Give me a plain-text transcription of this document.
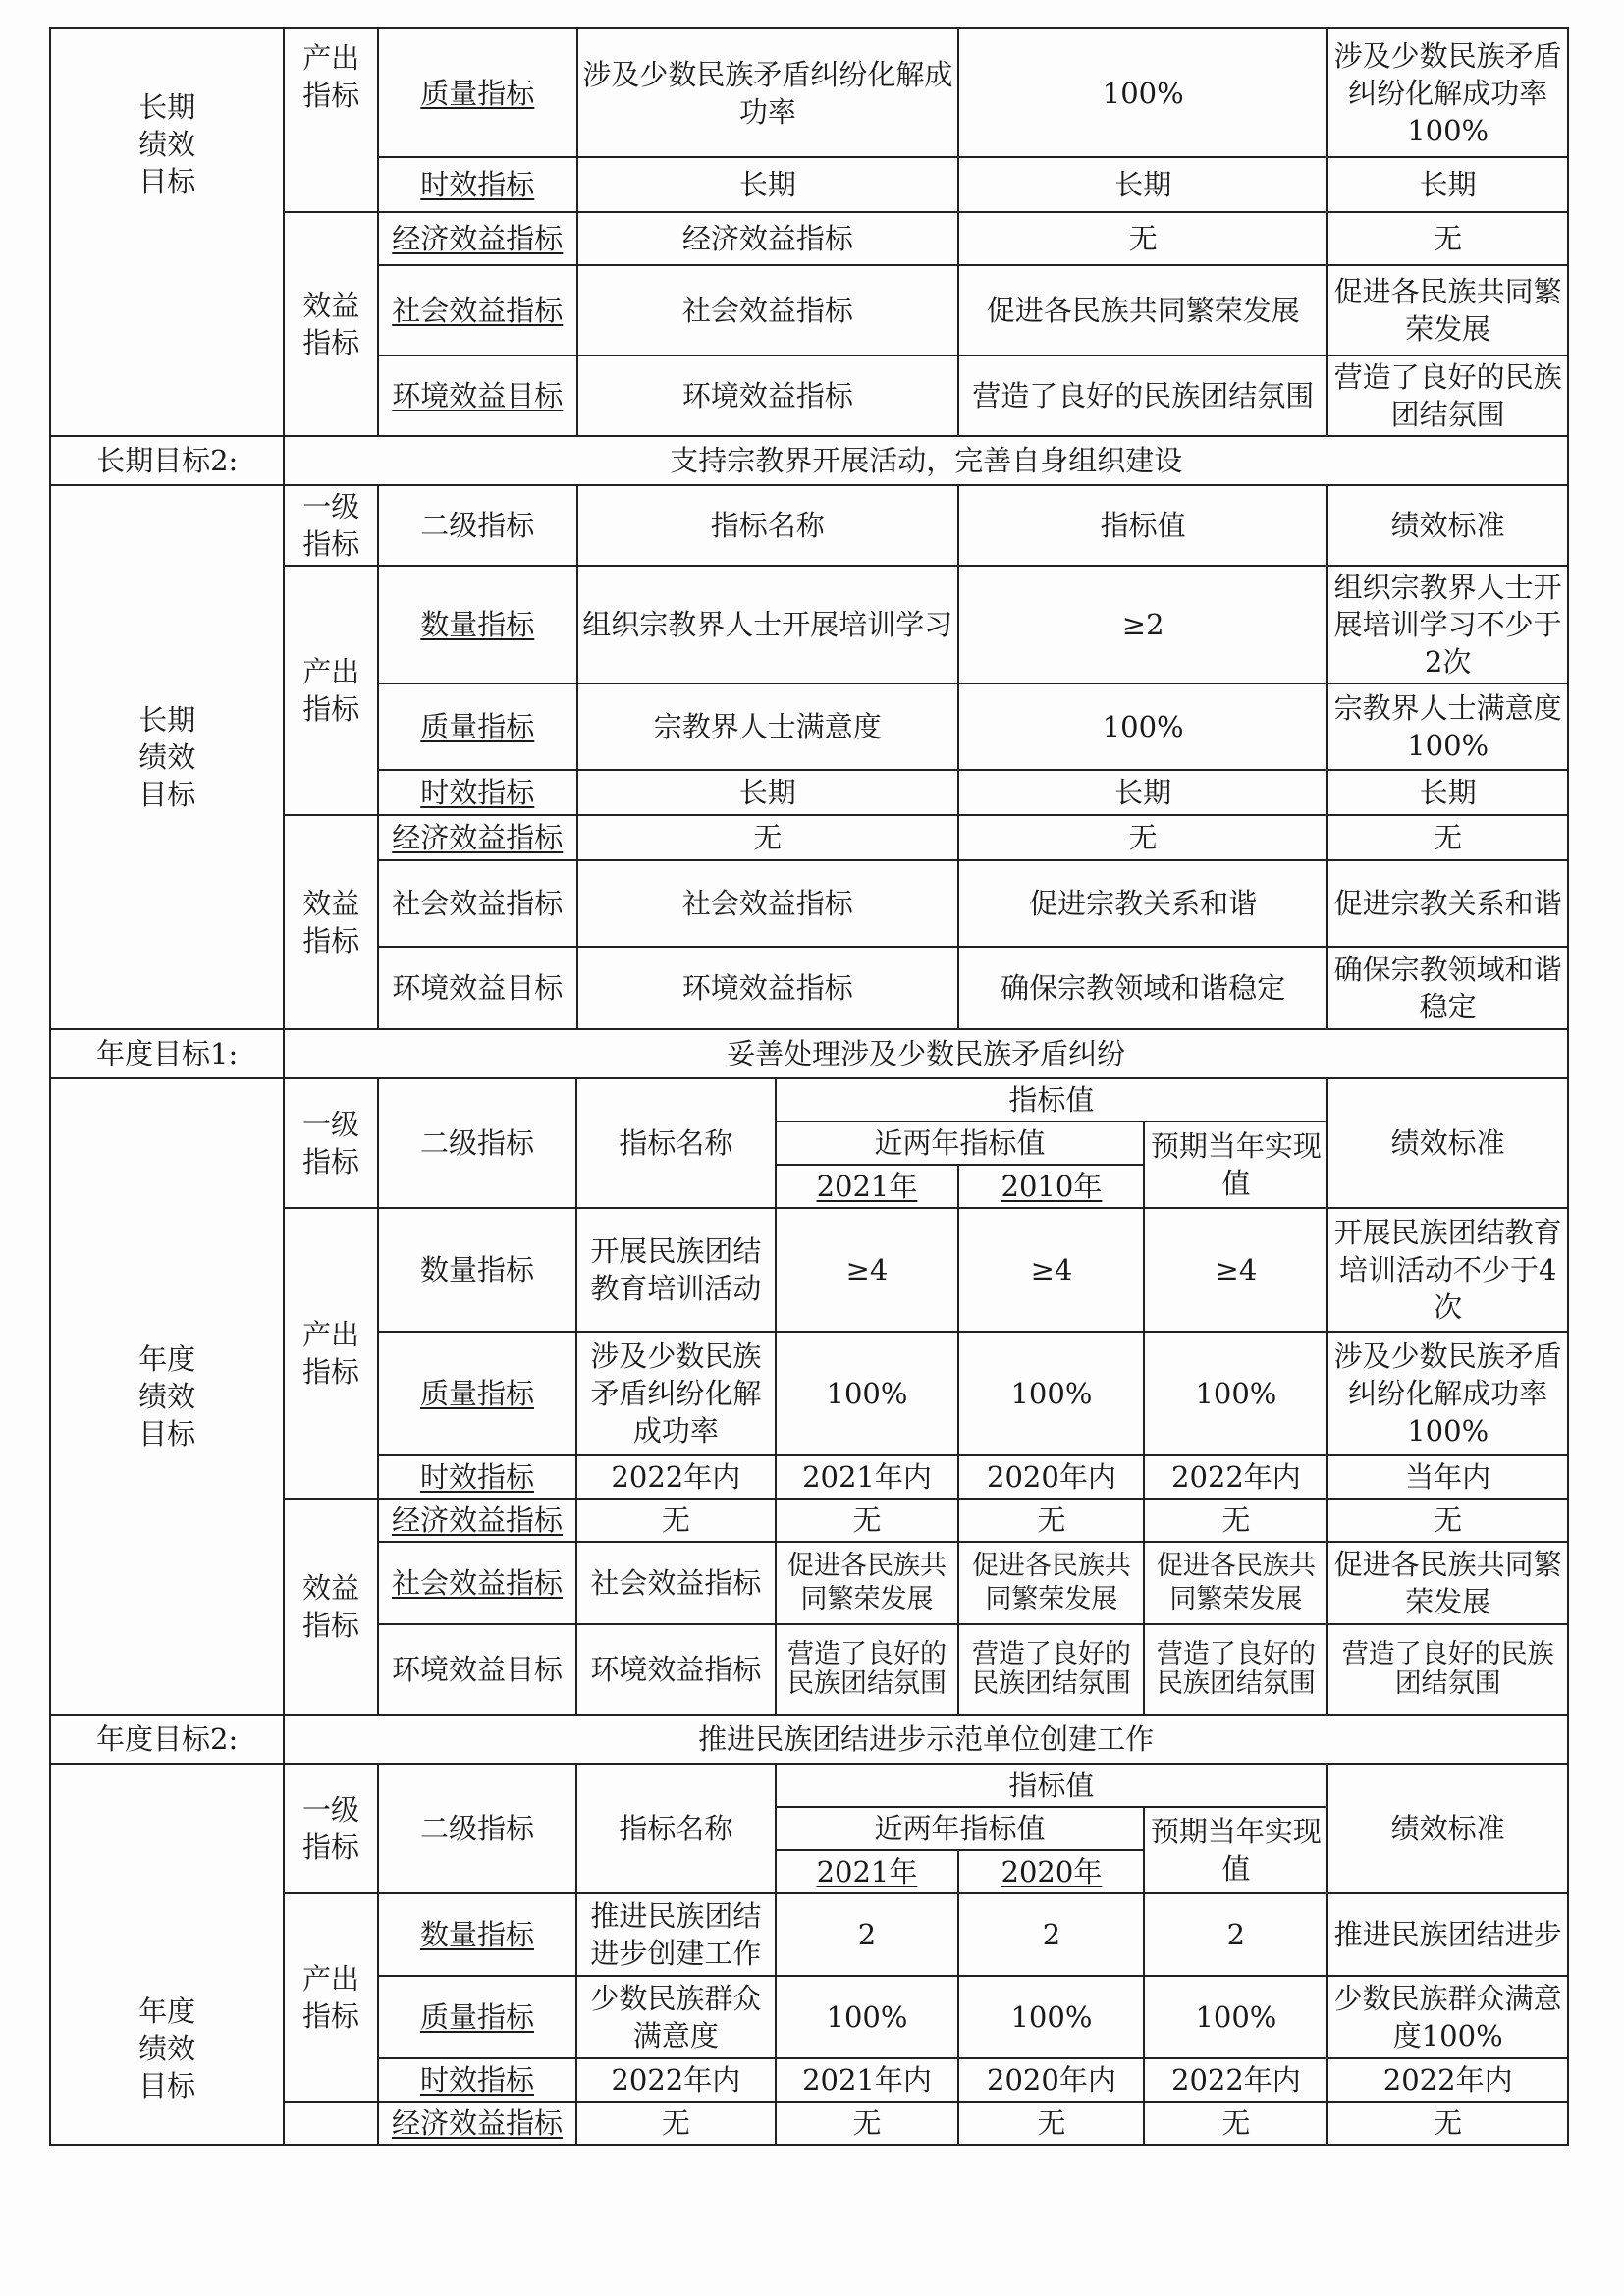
长期
绩效
目标	产出指标	质量指标	涉及少数民族矛盾纠纷化解成功率	100%	涉及少数民族矛盾纠纷化解成功率100%
		时效指标	长期	长期	长期
	效益指标	经济效益指标	经济效益指标	无	无
		社会效益指标	社会效益指标	促进各民族共同繁荣发展	促进各民族共同繁荣发展
		环境效益目标	环境效益指标	营造了良好的民族团结氛围	营造了良好的民族团结氛围
长期目标2:	支持宗教界开展活动，完善自身组织建设				
长期
绩效
目标	一级指标	二级指标	指标名称	指标值	绩效标准
	产出指标	数量指标	组织宗教界人士开展培训学习	≥2	组织宗教界人士开展培训学习不少于2次
		质量指标	宗教界人士满意度	100%	宗教界人士满意度100%
		时效指标	长期	长期	长期
	效益指标	经济效益指标	无	无	无
		社会效益指标	社会效益指标	促进宗教关系和谐	促进宗教关系和谐
		环境效益目标	环境效益指标	确保宗教领域和谐稳定	确保宗教领域和谐稳定
年度目标1:	妥善处理涉及少数民族矛盾纠纷						
年度
绩效
目标	一级指标	二级指标	指标名称	指标值			绩效标准
				近两年指标值		预期当年实现值	
				2021年	2010年		
	产出指标	数量指标	开展民族团结教育培训活动	≥4	≥4	≥4	开展民族团结教育培训活动不少于4次
		质量指标	涉及少数民族矛盾纠纷化解成功率	100%	100%	100%	涉及少数民族矛盾纠纷化解成功率100%
		时效指标	2022年内	2021年内	2020年内	2022年内	当年内
	效益指标	经济效益指标	无	无	无	无	无
		社会效益指标	社会效益指标	促进各民族共同繁荣发展	促进各民族共同繁荣发展	促进各民族共同繁荣发展	促进各民族共同繁荣发展
		环境效益目标	环境效益指标	营造了良好的民族团结氛围	营造了良好的民族团结氛围	营造了良好的民族团结氛围	营造了良好的民族团结氛围
年度目标2:	推进民族团结进步示范单位创建工作						
年度
绩效
目标	一级指标	二级指标	指标名称	指标值			绩效标准
				近两年指标值		预期当年实现值	
				2021年	2020年		
	产出指标	数量指标	推进民族团结进步创建工作	2	2	2	推进民族团结进步
		质量指标	少数民族群众满意度	100%	100%	100%	少数民族群众满意度100%
		时效指标	2022年内	2021年内	2020年内	2022年内	2022年内
		经济效益指标	无	无	无	无	无
